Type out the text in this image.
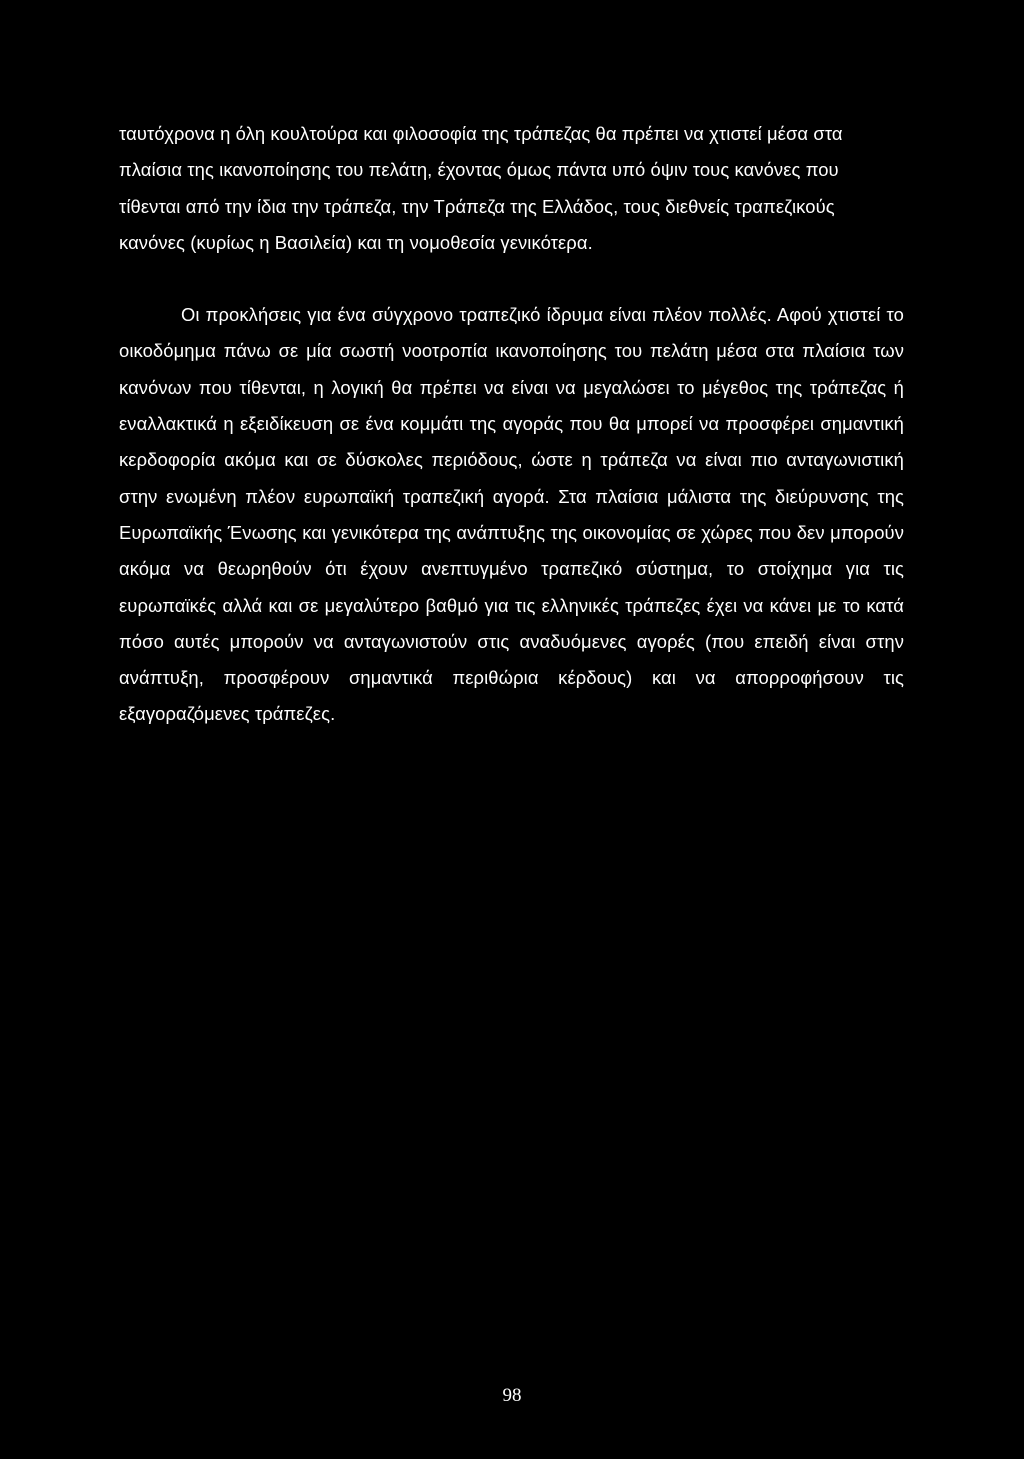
ταυτόχρονα η όλη κουλτούρα και φιλοσοφία της τράπεζας θα πρέπει να χτιστεί μέσα στα πλαίσια της ικανοποίησης του πελάτη, έχοντας όμως πάντα υπό όψιν τους κανόνες που τίθενται από την ίδια την τράπεζα, την Τράπεζα της Ελλάδος, τους διεθνείς τραπεζικούς κανόνες (κυρίως η Βασιλεία) και τη νομοθεσία γενικότερα.

Οι προκλήσεις για ένα σύγχρονο τραπεζικό ίδρυμα είναι πλέον πολλές. Αφού χτιστεί το οικοδόμημα πάνω σε μία σωστή νοοτροπία ικανοποίησης του πελάτη μέσα στα πλαίσια των κανόνων που τίθενται, η λογική θα πρέπει να είναι να μεγαλώσει το μέγεθος της τράπεζας ή εναλλακτικά η εξειδίκευση σε ένα κομμάτι της αγοράς που θα μπορεί να προσφέρει σημαντική κερδοφορία ακόμα και σε δύσκολες περιόδους, ώστε η τράπεζα να είναι πιο ανταγωνιστική στην ενωμένη πλέον ευρωπαϊκή τραπεζική αγορά. Στα πλαίσια μάλιστα της διεύρυνσης της Ευρωπαϊκής Ένωσης και γενικότερα της ανάπτυξης της οικονομίας σε χώρες που δεν μπορούν ακόμα να θεωρηθούν ότι έχουν ανεπτυγμένο τραπεζικό σύστημα, το στοίχημα για τις ευρωπαϊκές αλλά και σε μεγαλύτερο βαθμό για τις ελληνικές τράπεζες έχει να κάνει με το κατά πόσο αυτές μπορούν να ανταγωνιστούν στις αναδυόμενες αγορές (που επειδή είναι στην ανάπτυξη, προσφέρουν σημαντικά περιθώρια κέρδους) και να απορροφήσουν τις εξαγοραζόμενες τράπεζες.

98
